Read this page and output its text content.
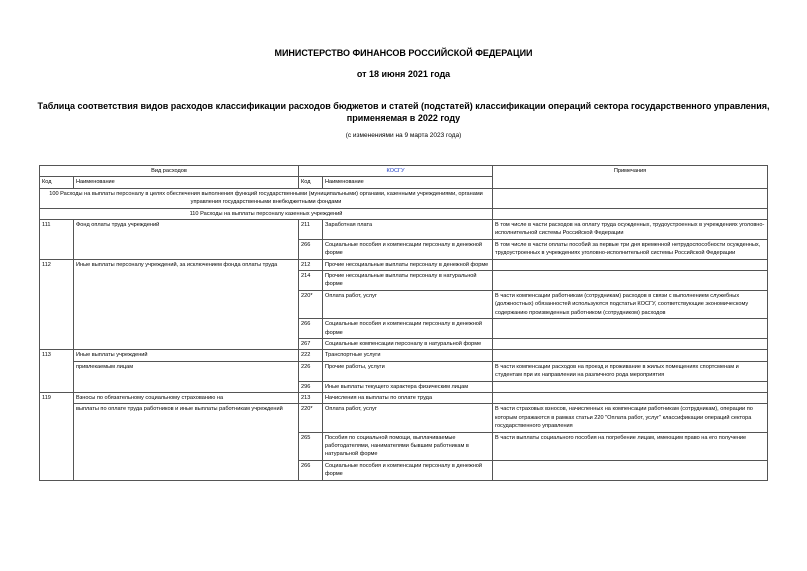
МИНИСТЕРСТВО ФИНАНСОВ РОССИЙСКОЙ ФЕДЕРАЦИИ
от 18 июня 2021 года
Таблица соответствия видов расходов классификации расходов бюджетов и статей (подстатей) классификации операций сектора государственного управления, применяемая в 2022 году
(с изменениями на 9 марта 2023 года)
Вид расходов		КОСГУ		Примечания
Код	Наименование	Код	Наименование	
100 Расходы на выплаты персоналу в целях обеспечения выполнения функций государственными (муниципальными) органами, казенными учреждениями, органами управления государственными внебюджетными фондами				
110 Расходы на выплаты персоналу казенных учреждений				
111	Фонд оплаты труда учреждений	211	Заработная плата	В том числе в части расходов на оплату труда осужденных, трудоустроенных в учреждениях уголовно-исполнительной системы Российской Федерации
		266	Социальные пособия и компенсации персоналу в денежной форме	В том числе в части оплаты пособий за первые три дня временной нетрудоспособности осужденных, трудоустроенных в учреждениях уголовно-исполнительной системы Российской Федерации
112	Иные выплаты персоналу учреждений, за исключением фонда оплаты труда	212	Прочие несоциальные выплаты персоналу в денежной форме	
		214	Прочие несоциальные выплаты персоналу в натуральной форме	
		220*	Оплата работ, услуг	В части компенсации работникам (сотрудникам) расходов в связи с выполнением служебных (должностных) обязанностей используются подстатьи КОСГУ, соответствующие экономическому содержанию произведенных работником (сотрудником) расходов
		266	Социальные пособия и компенсации персоналу в денежной форме	
		267	Социальные компенсации персоналу в натуральной форме	
113	Иные выплаты учреждений	222	Транспортные услуги	
	привлекаемым лицам	226	Прочие работы, услуги	В части компенсации расходов на проезд и проживание в жилых помещениях спортсменам и студентам при их направлении на различного рода мероприятия
		296	Иные выплаты текущего характера физическим лицам	
119	Взносы по обязательному социальному страхованию на	213	Начисления на выплаты по оплате труда	
	выплаты по оплате труда работников и иные выплаты работникам учреждений	220*	Оплата работ, услуг	В части страховых взносов, начисленных на компенсации работникам (сотрудникам), операции по которым отражаются в рамках статьи 220 "Оплата работ, услуг" классификации операций сектора государственного управления
		265	Пособия по социальной помощи, выплачиваемые работодателями, нанимателями бывшим работникам в натуральной форме	В части выплаты социального пособия на погребение лицам, имеющим право на его получение
		266	Социальные пособия и компенсации персоналу в денежной форме	
